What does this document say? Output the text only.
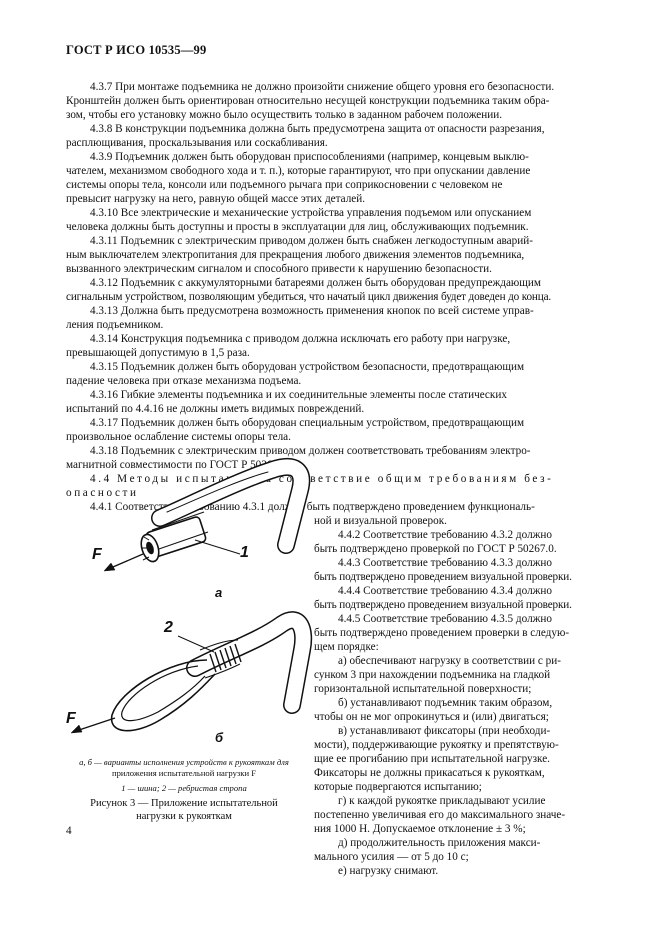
ГОСТ Р ИСО 10535—99
4.3.7 При монтаже подъемника не должно произойти снижение общего уровня его безопасности.
Кронштейн должен быть ориентирован относительно несущей конструкции подъемника таким обра-
зом, чтобы его установку можно было осуществить только в заданном рабочем положении.
4.3.8 В конструкции подъемника должна быть предусмотрена защита от опасности разрезания,
расплющивания, проскальзывания или соскабливания.
4.3.9 Подъемник должен быть оборудован приспособлениями (например, концевым выклю-
чателем, механизмом свободного хода и т. п.), которые гарантируют, что при опускании давление
системы опоры тела, консоли или подъемного рычага при соприкосновении с человеком не
превысит нагрузку на него, равную общей массе этих деталей.
4.3.10 Все электрические и механические устройства управления подъемом или опусканием
человека должны быть доступны и просты в эксплуатации для лиц, обслуживающих подъемник.
4.3.11 Подъемник с электрическим приводом должен быть снабжен легкодоступным аварий-
ным выключателем электропитания для прекращения любого движения элементов подъемника,
вызванного электрическим сигналом и способного привести к нарушению безопасности.
4.3.12 Подъемник с аккумуляторными батареями должен быть оборудован предупреждающим
сигнальным устройством, позволяющим убедиться, что начатый цикл движения будет доведен до конца.
4.3.13 Должна быть предусмотрена возможность применения кнопок по всей системе управ-
ления подъемником.
4.3.14 Конструкция подъемника с приводом должна исключать его работу при нагрузке,
превышающей допустимую в 1,5 раза.
4.3.15 Подъемник должен быть оборудован устройством безопасности, предотвращающим
падение человека при отказе механизма подъема.
4.3.16 Гибкие элементы подъемника и их соединительные элементы после статических
испытаний по 4.4.16 не должны иметь видимых повреждений.
4.3.17 Подъемник должен быть оборудован специальным устройством, предотвращающим
произвольное ослабление системы опоры тела.
4.3.18 Подъемник с электрическим приводом должен соответствовать требованиям электро-
магнитной совместимости по ГОСТ Р 50267.0.2.
4.4 Методы испытаний на соответствие общим требованиям без-
опасности
4.4.1 Соответствие требованию 4.3.1 должно быть подтверждено проведением функциональ-
ной и визуальной проверок.
4.4.2 Соответствие требованию 4.3.2 должно
быть подтверждено проверкой по ГОСТ Р 50267.0.
4.4.3 Соответствие требованию 4.3.3 должно
быть подтверждено проведением визуальной проверки.
4.4.4 Соответствие требованию 4.3.4 должно
быть подтверждено проведением визуальной проверки.
4.4.5 Соответствие требованию 4.3.5 должно
быть подтверждено проведением проверки в следую-
щем порядке:
а) обеспечивают нагрузку в соответствии с ри-
сунком 3 при нахождении подъемника на гладкой
горизонтальной испытательной поверхности;
б) устанавливают подъемник таким образом,
чтобы он не мог опрокинуться и (или) двигаться;
в) устанавливают фиксаторы (при необходи-
мости), поддерживающие рукоятку и препятствую-
щие ее прогибанию при испытательной нагрузке.
Фиксаторы не должны прикасаться к рукояткам,
которые подвергаются испытанию;
г) к каждой рукоятке прикладывают усилие
постепенно увеличивая его до максимального значе-
ния 1000 Н. Допускаемое отклонение ± 3 %;
д) продолжительность приложения макси-
мального усилия — от 5 до 10 с;
е) нагрузку снимают.
F	1
а
2
F
б
а, б — варианты исполнения устройств к рукояткам для
приложения испытательной нагрузки F
1 — шина; 2 — ребристая стропа
Рисунок 3 — Приложение испытательной
нагрузки к рукояткам
4
